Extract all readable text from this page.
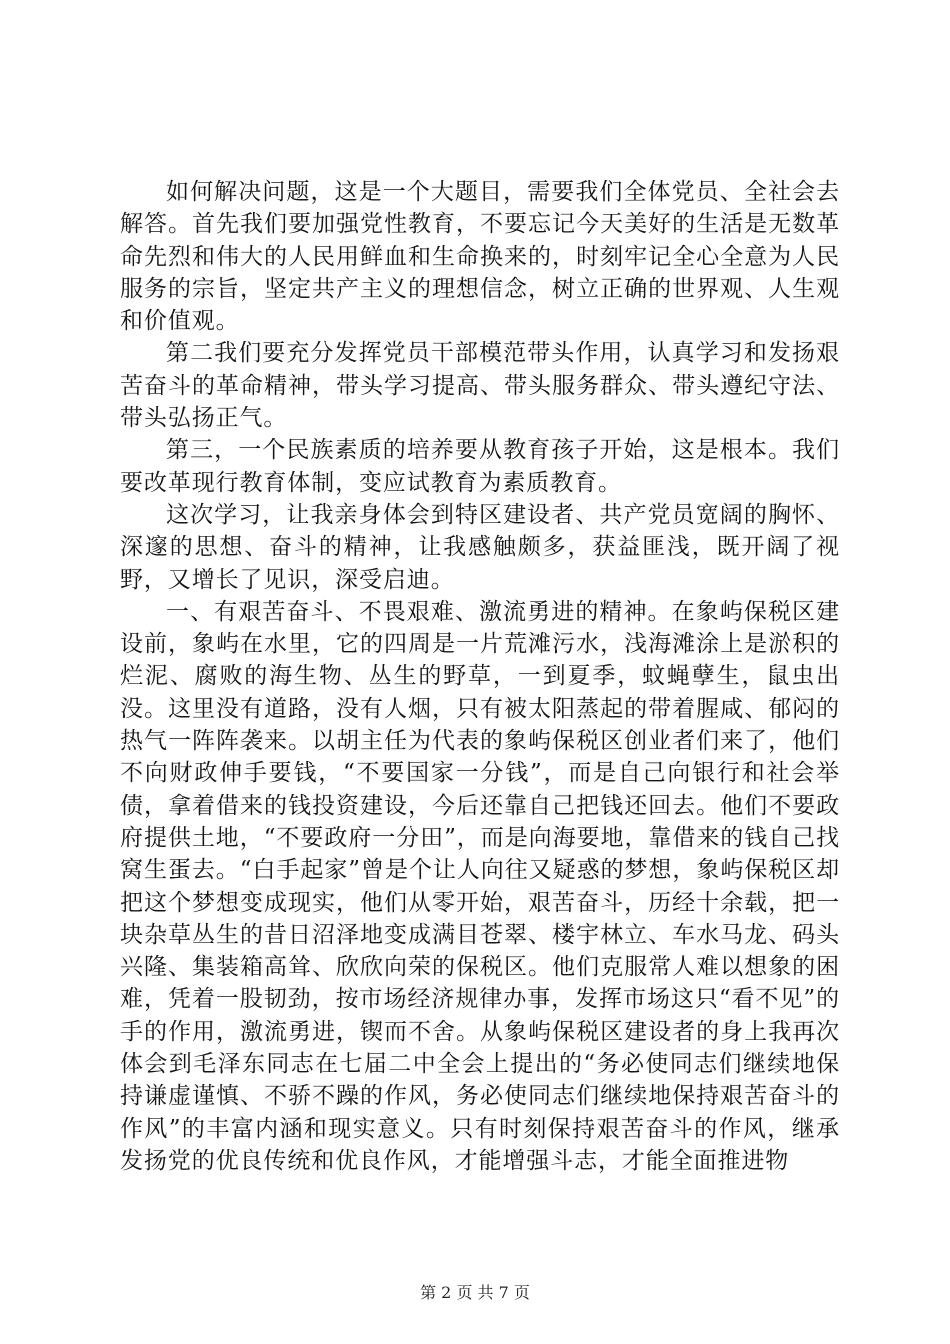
如何解决问题，这是一个大题目，需要我们全体党员、全社会去解答。首先我们要加强党性教育，不要忘记今天美好的生活是无数革命先烈和伟大的人民用鲜血和生命换来的，时刻牢记全心全意为人民服务的宗旨，坚定共产主义的理想信念，树立正确的世界观、人生观和价值观。

第二我们要充分发挥党员干部模范带头作用，认真学习和发扬艰苦奋斗的革命精神，带头学习提高、带头服务群众、带头遵纪守法、带头弘扬正气。

第三，一个民族素质的培养要从教育孩子开始，这是根本。我们要改革现行教育体制，变应试教育为素质教育。

这次学习，让我亲身体会到特区建设者、共产党员宽阔的胸怀、深邃的思想、奋斗的精神，让我感触颇多，获益匪浅，既开阔了视野，又增长了见识，深受启迪。

一、有艰苦奋斗、不畏艰难、激流勇进的精神。在象屿保税区建设前，象屿在水里，它的四周是一片荒滩污水，浅海滩涂上是淤积的烂泥、腐败的海生物、丛生的野草，一到夏季，蚊蝇孽生，鼠虫出没。这里没有道路，没有人烟，只有被太阳蒸起的带着腥咸、郁闷的热气一阵阵袭来。以胡主任为代表的象屿保税区创业者们来了，他们不向财政伸手要钱，“不要国家一分钱”，而是自己向银行和社会举债，拿着借来的钱投资建设，今后还靠自己把钱还回去。他们不要政府提供土地，“不要政府一分田”，而是向海要地，靠借来的钱自己找窝生蛋去。“白手起家”曾是个让人向往又疑惑的梦想，象屿保税区却把这个梦想变成现实，他们从零开始，艰苦奋斗，历经十余载，把一块杂草丛生的昔日沼泽地变成满目苍翠、楼宇林立、车水马龙、码头兴隆、集装箱高耸、欣欣向荣的保税区。他们克服常人难以想象的困难，凭着一股韧劲，按市场经济规律办事，发挥市场这只“看不见”的手的作用，激流勇进，锲而不舍。从象屿保税区建设者的身上我再次体会到毛泽东同志在七届二中全会上提出的“务必使同志们继续地保持谦虚谨慎、不骄不躁的作风，务必使同志们继续地保持艰苦奋斗的作风”的丰富内涵和现实意义。只有时刻保持艰苦奋斗的作风，继承发扬党的优良传统和优良作风，才能增强斗志，才能全面推进物

第 2 页 共 7 页
